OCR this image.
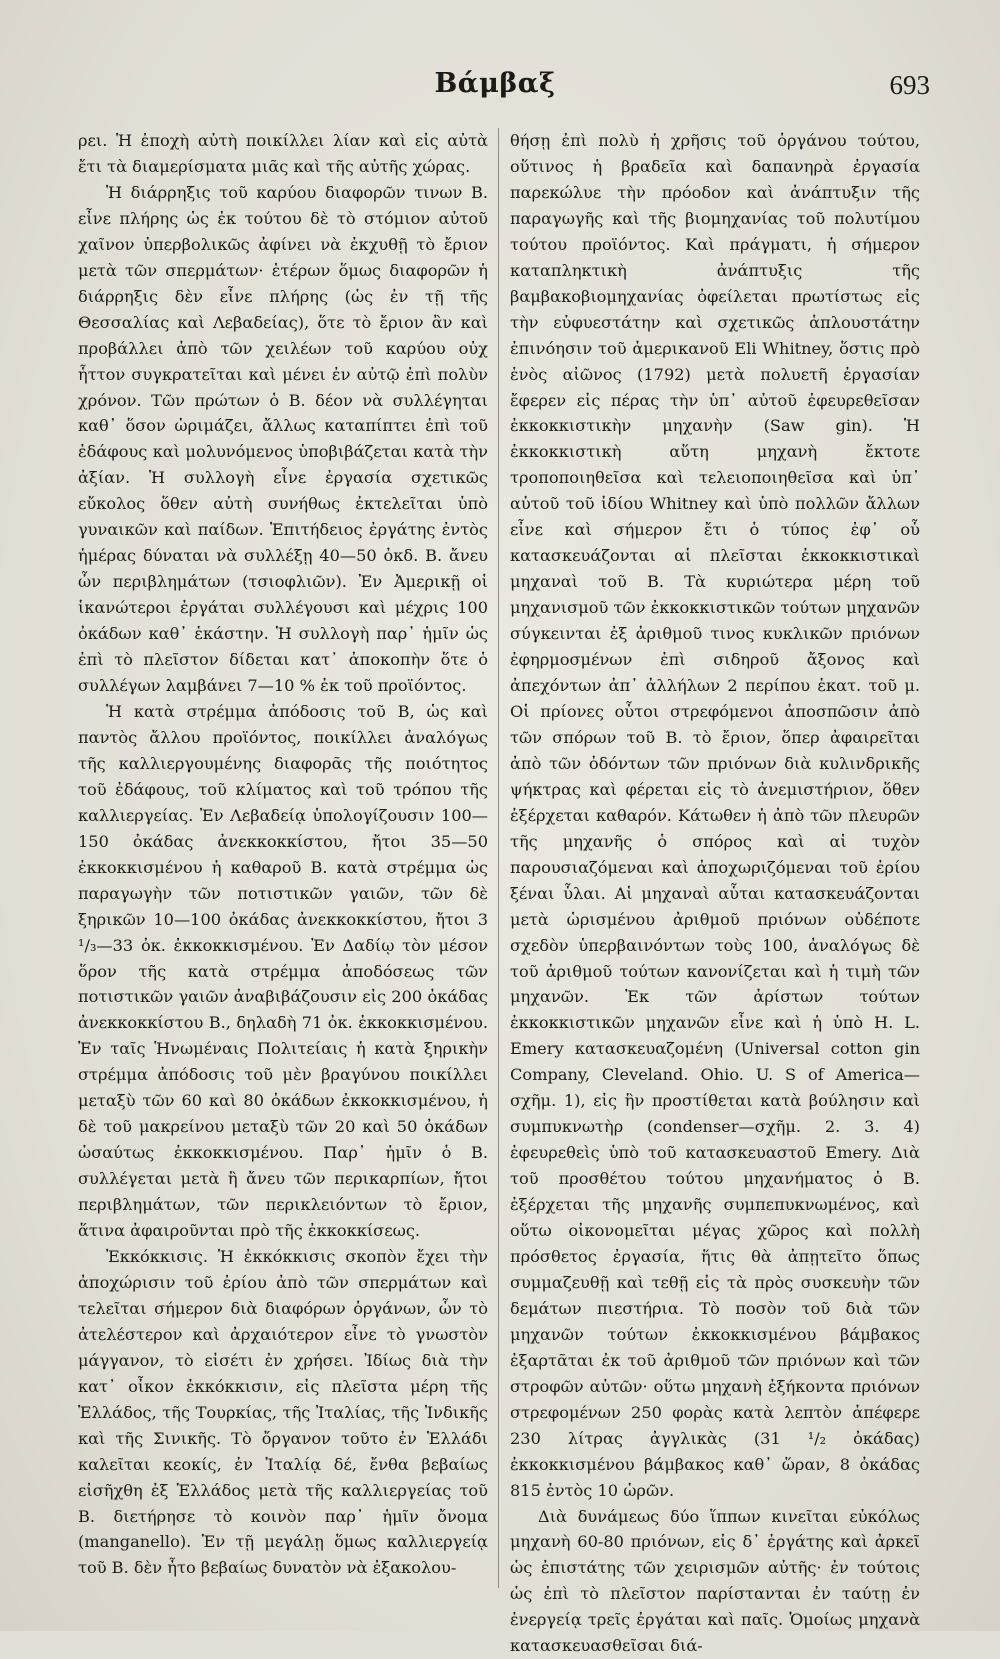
Βάμβαξ	693

ρει. Ἡ ἐποχὴ αὐτὴ ποικίλλει λίαν καὶ εἰς αὐτὰ ἔτι τὰ διαμερίσματα μιᾶς καὶ τῆς αὐτῆς χώρας.

Ἡ διάρρηξις τοῦ καρύου διαφορῶν τινων Β. εἶνε πλήρης ὡς ἐκ τούτου δὲ τὸ στόμιον αὐτοῦ χαῖνον ὑπερβολικῶς ἀφίνει νὰ ἐκχυθῇ τὸ ἔριον μετὰ τῶν σπερμάτων· ἑτέρων ὅμως διαφορῶν ἡ διάρρηξις δὲν εἶνε πλήρης (ὡς ἐν τῇ τῆς Θεσσαλίας καὶ Λεβαδείας), ὅτε τὸ ἔριον ἂν καὶ προβάλλει ἀπὸ τῶν χειλέων τοῦ καρύου οὐχ ἧττον συγκρατεῖται καὶ μένει ἐν αὐτῷ ἐπὶ πολὺν χρόνον. Τῶν πρώτων ὁ Β. δέον νὰ συλλέγηται καθ᾽ ὅσον ὡριμάζει, ἄλλως καταπίπτει ἐπὶ τοῦ ἐδάφους καὶ μολυνόμενος ὑποβιβάζεται κατὰ τὴν ἀξίαν. Ἡ συλλογὴ εἶνε ἐργασία σχετικῶς εὔκολος ὅθεν αὐτὴ συνήθως ἐκτελεῖται ὑπὸ γυναικῶν καὶ παίδων. Ἐπιτήδειος ἐργάτης ἐντὸς ἡμέρας δύναται νὰ συλλέξῃ 40—50 ὀκδ. Β. ἄνευ ὧν περιβλημάτων (τσιοφλιῶν). Ἐν Ἀμερικῇ οἱ ἱκανώτεροι ἐργάται συλλέγουσι καὶ μέχρις 100 ὀκάδων καθ᾽ ἑκάστην. Ἡ συλλογὴ παρ᾽ ἡμῖν ὡς ἐπὶ τὸ πλεῖστον δίδεται κατ᾽ ἀποκοπὴν ὅτε ὁ συλλέγων λαμβάνει 7—10 % ἐκ τοῦ προϊόντος.

Ἡ κατὰ στρέμμα ἀπόδοσις τοῦ Β, ὡς καὶ παντὸς ἄλλου προϊόντος, ποικίλλει ἀναλόγως τῆς καλλιεργουμένης διαφορᾶς τῆς ποιότητος τοῦ ἐδάφους, τοῦ κλίματος καὶ τοῦ τρόπου τῆς καλλιεργείας. Ἐν Λεβαδείᾳ ὑπολογίζουσιν 100—150 ὀκάδας ἀνεκκοκκίστου, ἤτοι 35—50 ἐκκοκκισμένου ἡ καθαροῦ Β. κατὰ στρέμμα ὡς παραγωγὴν τῶν ποτιστικῶν γαιῶν, τῶν δὲ ξηρικῶν 10—100 ὀκάδας ἀνεκκοκκίστου, ἤτοι 3 ¹/₃—33 ὀκ. ἐκκοκκισμένου. Ἐν Δαδίῳ τὸν μέσον ὅρον τῆς κατὰ στρέμμα ἀποδόσεως τῶν ποτιστικῶν γαιῶν ἀναβιβάζουσιν εἰς 200 ὀκάδας ἀνεκκοκκίστου Β., δηλαδὴ 71 ὀκ. ἐκκοκκισμένου. Ἐν ταῖς Ἡνωμέναις Πολιτείαις ἡ κατὰ ξηρικὴν στρέμμα ἀπόδοσις τοῦ μὲν βραγύνου ποικίλλει μεταξὺ τῶν 60 καὶ 80 ὀκάδων ἐκκοκκισμένου, ἡ δὲ τοῦ μακρείνου μεταξὺ τῶν 20 καὶ 50 ὀκάδων ὡσαύτως ἐκκοκκισμένου. Παρ᾽ ἡμῖν ὁ Β. συλλέγεται μετὰ ἢ ἄνευ τῶν περικαρπίων, ἤτοι περιβλημάτων, τῶν περικλειόντων τὸ ἔριον, ἅτινα ἀφαιροῦνται πρὸ τῆς ἐκκοκκίσεως.

Ἐκκόκκισις. Ἡ ἐκκόκκισις σκοπὸν ἔχει τὴν ἀποχώρισιν τοῦ ἐρίου ἀπὸ τῶν σπερμάτων καὶ τελεῖται σήμερον διὰ διαφόρων ὀργάνων, ὧν τὸ ἀτελέστερον καὶ ἀρχαιότερον εἶνε τὸ γνωστὸν μάγγανον, τὸ εἰσέτι ἐν χρήσει. Ἰδίως διὰ τὴν κατ᾽ οἶκον ἐκκόκκισιν, εἰς πλεῖστα μέρη τῆς Ἑλλάδος, τῆς Τουρκίας, τῆς Ἰταλίας, τῆς Ἰνδικῆς καὶ τῆς Σινικῆς. Τὸ ὄργανον τοῦτο ἐν Ἑλλάδι καλεῖται κεοκίς, ἐν Ἰταλίᾳ δέ, ἔνθα βεβαίως εἰσῆχθη ἐξ Ἑλλάδος μετὰ τῆς καλλιεργείας τοῦ Β. διετήρησε τὸ κοινὸν παρ᾽ ἡμῖν ὄνομα (manganello). Ἐν τῇ μεγάλῃ ὅμως καλλιεργείᾳ τοῦ Β. δὲν ἦτο βεβαίως δυνατὸν νὰ ἐξακολου-

θήσῃ ἐπὶ πολὺ ἡ χρῆσις τοῦ ὀργάνου τούτου, οὕτινος ἡ βραδεῖα καὶ δαπανηρὰ ἐργασία παρεκώλυε τὴν πρόοδον καὶ ἀνάπτυξιν τῆς παραγωγῆς καὶ τῆς βιομηχανίας τοῦ πολυτίμου τούτου προϊόντος. Καὶ πράγματι, ἡ σήμερον καταπληκτικὴ ἀνάπτυξις τῆς βαμβακοβιομηχανίας ὀφείλεται πρωτίστως εἰς τὴν εὐφυεστάτην καὶ σχετικῶς ἁπλουστάτην ἐπινόησιν τοῦ ἀμερικανοῦ Eli Whitney, ὅστις πρὸ ἑνὸς αἰῶνος (1792) μετὰ πολυετῆ ἐργασίαν ἔφερεν εἰς πέρας τὴν ὑπ᾽ αὐτοῦ ἐφευρεθεῖσαν ἐκκοκκιστικὴν μηχανὴν (Saw gin). Ἡ ἐκκοκκιστικὴ αὕτη μηχανὴ ἔκτοτε τροποποιηθεῖσα καὶ τελειοποιηθεῖσα καὶ ὑπ᾽ αὐτοῦ τοῦ ἰδίου Whitney καὶ ὑπὸ πολλῶν ἄλλων εἶνε καὶ σήμερον ἔτι ὁ τύπος ἐφ᾽ οὗ κατασκευάζονται αἱ πλεῖσται ἐκκοκκιστικαὶ μηχαναὶ τοῦ Β. Τὰ κυριώτερα μέρη τοῦ μηχανισμοῦ τῶν ἐκκοκκιστικῶν τούτων μηχανῶν σύγκεινται ἐξ ἀριθμοῦ τινος κυκλικῶν πριόνων ἐφηρμοσμένων ἐπὶ σιδηροῦ ἄξονος καὶ ἀπεχόντων ἀπ᾽ ἀλλήλων 2 περίπου ἑκατ. τοῦ μ. Οἱ πρίονες οὗτοι στρεφόμενοι ἀποσπῶσιν ἀπὸ τῶν σπόρων τοῦ Β. τὸ ἔριον, ὅπερ ἀφαιρεῖται ἀπὸ τῶν ὀδόντων τῶν πριόνων διὰ κυλινδρικῆς ψήκτρας καὶ φέρεται εἰς τὸ ἀνεμιστήριον, ὅθεν ἐξέρχεται καθαρόν. Κάτωθεν ἡ ἀπὸ τῶν πλευρῶν τῆς μηχανῆς ὁ σπόρος καὶ αἱ τυχὸν παρουσιαζόμεναι καὶ ἀποχωριζόμεναι τοῦ ἐρίου ξέναι ὗλαι. Αἱ μηχαναὶ αὗται κατασκευάζονται μετὰ ὡρισμένου ἀριθμοῦ πριόνων οὐδέποτε σχεδὸν ὑπερβαινόντων τοὺς 100, ἀναλόγως δὲ τοῦ ἀριθμοῦ τούτων κανονίζεται καὶ ἡ τιμὴ τῶν μηχανῶν. Ἐκ τῶν ἀρίστων τούτων ἐκκοκκιστικῶν μηχανῶν εἶνε καὶ ἡ ὑπὸ H. L. Emery κατασκευαζομένη (Universal cotton gin Company, Cleveland. Ohio. U. S of America—σχῆμ. 1), εἰς ἣν προστίθεται κατὰ βούλησιν καὶ συμπυκνωτὴρ (condenser—σχῆμ. 2. 3. 4) ἐφευρεθεὶς ὑπὸ τοῦ κατασκευαστοῦ Emery. Διὰ τοῦ προσθέτου τούτου μηχανήματος ὁ Β. ἐξέρχεται τῆς μηχανῆς συμπεπυκνωμένος, καὶ οὕτω οἰκονομεῖται μέγας χῶρος καὶ πολλὴ πρόσθετος ἐργασία, ἥτις θὰ ἀπῃτεῖτο ὅπως συμμαζευθῇ καὶ τεθῇ εἰς τὰ πρὸς συσκευὴν τῶν δεμάτων πιεστήρια. Τὸ ποσὸν τοῦ διὰ τῶν μηχανῶν τούτων ἐκκοκκισμένου βάμβακος ἐξαρτᾶται ἐκ τοῦ ἀριθμοῦ τῶν πριόνων καὶ τῶν στροφῶν αὐτῶν· οὕτω μηχανὴ ἐξήκοντα πριόνων στρεφομένων 250 φορὰς κατὰ λεπτὸν ἀπέφερε 230 λίτρας ἀγγλικὰς (31 ¹/₂ ὀκάδας) ἐκκοκκισμένου βάμβακος καθ᾽ ὥραν, 8 ὀκάδας 815 ἐντὸς 10 ὡρῶν.

Διὰ δυνάμεως δύο ἵππων κινεῖται εὐκόλως μηχανὴ 60-80 πριόνων, εἰς δ᾽ ἐργάτης καὶ ἀρκεῖ ὡς ἐπιστάτης τῶν χειρισμῶν αὐτῆς· ἐν τούτοις ὡς ἐπὶ τὸ πλεῖστον παρίστανται ἐν ταύτῃ ἐν ἐνεργείᾳ τρεῖς ἐργάται καὶ παῖς. Ὁμοίως μηχανὰ κατασκευασθεῖσαι διά-
